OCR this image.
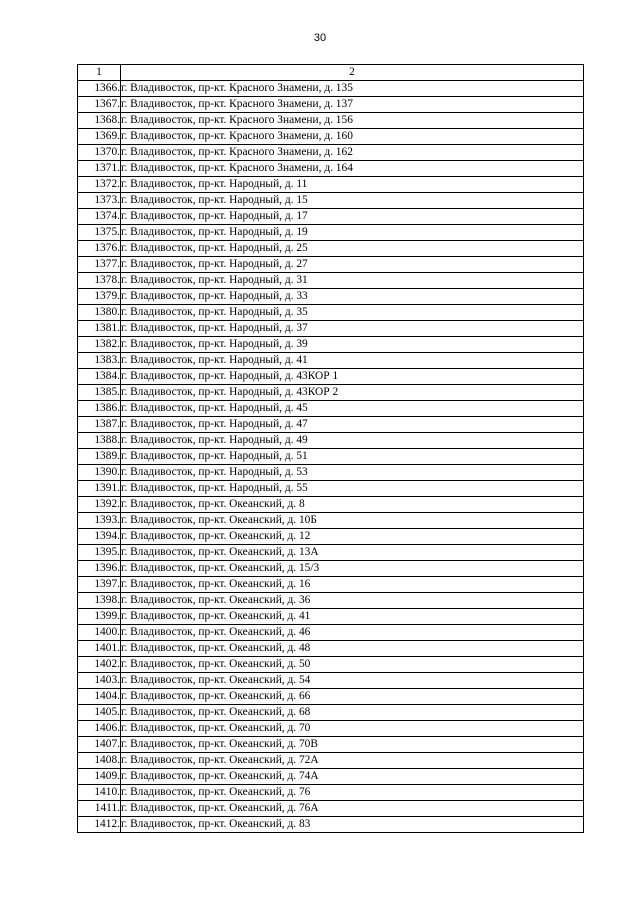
30
1	2
1366.	г. Владивосток, пр-кт. Красного Знамени, д. 135
1367.	г. Владивосток, пр-кт. Красного Знамени, д. 137
1368.	г. Владивосток, пр-кт. Красного Знамени, д. 156
1369.	г. Владивосток, пр-кт. Красного Знамени, д. 160
1370.	г. Владивосток, пр-кт. Красного Знамени, д. 162
1371.	г. Владивосток, пр-кт. Красного Знамени, д. 164
1372.	г. Владивосток, пр-кт. Народный, д. 11
1373.	г. Владивосток, пр-кт. Народный, д. 15
1374.	г. Владивосток, пр-кт. Народный, д. 17
1375.	г. Владивосток, пр-кт. Народный, д. 19
1376.	г. Владивосток, пр-кт. Народный, д. 25
1377.	г. Владивосток, пр-кт. Народный, д. 27
1378.	г. Владивосток, пр-кт. Народный, д. 31
1379.	г. Владивосток, пр-кт. Народный, д. 33
1380.	г. Владивосток, пр-кт. Народный, д. 35
1381.	г. Владивосток, пр-кт. Народный, д. 37
1382.	г. Владивосток, пр-кт. Народный, д. 39
1383.	г. Владивосток, пр-кт. Народный, д. 41
1384.	г. Владивосток, пр-кт. Народный, д. 43КОР 1
1385.	г. Владивосток, пр-кт. Народный, д. 43КОР 2
1386.	г. Владивосток, пр-кт. Народный, д. 45
1387.	г. Владивосток, пр-кт. Народный, д. 47
1388.	г. Владивосток, пр-кт. Народный, д. 49
1389.	г. Владивосток, пр-кт. Народный, д. 51
1390.	г. Владивосток, пр-кт. Народный, д. 53
1391.	г. Владивосток, пр-кт. Народный, д. 55
1392.	г. Владивосток, пр-кт. Океанский, д. 8
1393.	г. Владивосток, пр-кт. Океанский, д. 10Б
1394.	г. Владивосток, пр-кт. Океанский, д. 12
1395.	г. Владивосток, пр-кт. Океанский, д. 13А
1396.	г. Владивосток, пр-кт. Океанский, д. 15/3
1397.	г. Владивосток, пр-кт. Океанский, д. 16
1398.	г. Владивосток, пр-кт. Океанский, д. 36
1399.	г. Владивосток, пр-кт. Океанский, д. 41
1400.	г. Владивосток, пр-кт. Океанский, д. 46
1401.	г. Владивосток, пр-кт. Океанский, д. 48
1402.	г. Владивосток, пр-кт. Океанский, д. 50
1403.	г. Владивосток, пр-кт. Океанский, д. 54
1404.	г. Владивосток, пр-кт. Океанский, д. 66
1405.	г. Владивосток, пр-кт. Океанский, д. 68
1406.	г. Владивосток, пр-кт. Океанский, д. 70
1407.	г. Владивосток, пр-кт. Океанский, д. 70В
1408.	г. Владивосток, пр-кт. Океанский, д. 72А
1409.	г. Владивосток, пр-кт. Океанский, д. 74А
1410.	г. Владивосток, пр-кт. Океанский, д. 76
1411.	г. Владивосток, пр-кт. Океанский, д. 76А
1412.	г. Владивосток, пр-кт. Океанский, д. 83
